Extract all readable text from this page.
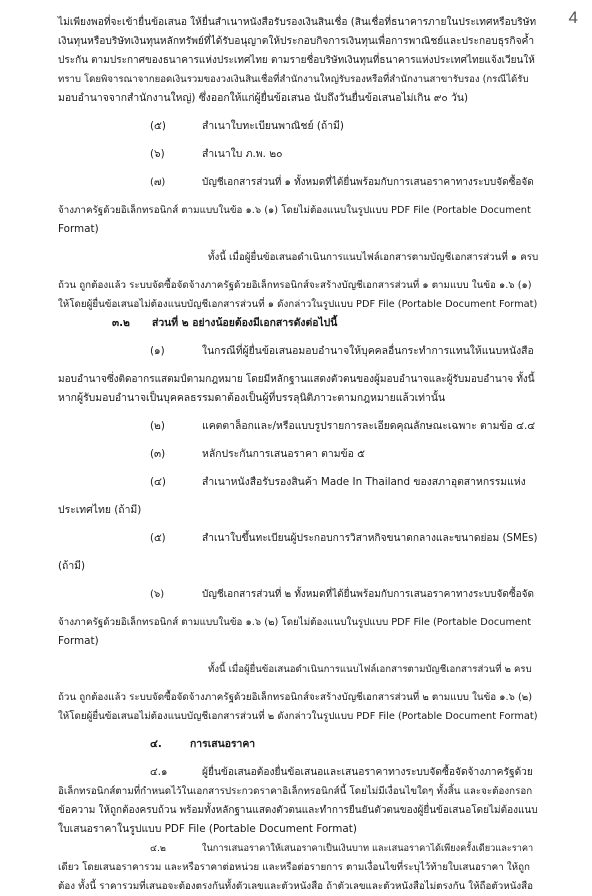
4

ไม่เพียงพอที่จะเข้ายื่นข้อเสนอ ให้ยื่นสำเนาหนังสือรับรองเงินสินเชื่อ (สินเชื่อที่ธนาคารภายในประเทศหรือบริษัท

เงินทุนหรือบริษัทเงินทุนหลักทรัพย์ที่ได้รับอนุญาตให้ประกอบกิจการเงินทุนเพื่อการพาณิชย์และประกอบธุรกิจค้ำ

ประกัน ตามประกาศของธนาคารแห่งประเทศไทย ตามรายชื่อบริษัทเงินทุนที่ธนาคารแห่งประเทศไทยแจ้งเวียนให้

ทราบ โดยพิจารณาจากยอดเงินรวมของวงเงินสินเชื่อที่สำนักงานใหญ่รับรองหรือที่สำนักงานสาขารับรอง (กรณีได้รับ

มอบอำนาจจากสำนักงานใหญ่) ซึ่งออกให้แก่ผู้ยื่นข้อเสนอ นับถึงวันยื่นข้อเสนอไม่เกิน ๙๐ วัน)

(๕)	สำเนาใบทะเบียนพาณิชย์ (ถ้ามี)

(๖)	สำเนาใบ ภ.พ. ๒๐

(๗)	บัญชีเอกสารส่วนที่ ๑ ทั้งหมดที่ได้ยื่นพร้อมกับการเสนอราคาทางระบบจัดซื้อจัด

จ้างภาครัฐด้วยอิเล็กทรอนิกส์ ตามแบบในข้อ ๑.๖ (๑) โดยไม่ต้องแนบในรูปแบบ PDF File (Portable Document

Format)

ทั้งนี้ เมื่อผู้ยื่นข้อเสนอดำเนินการแนบไฟล์เอกสารตามบัญชีเอกสารส่วนที่ ๑ ครบ

ถ้วน ถูกต้องแล้ว ระบบจัดซื้อจัดจ้างภาครัฐด้วยอิเล็กทรอนิกส์จะสร้างบัญชีเอกสารส่วนที่ ๑ ตามแบบ ในข้อ ๑.๖ (๑)

ให้โดยผู้ยื่นข้อเสนอไม่ต้องแนบบัญชีเอกสารส่วนที่ ๑ ดังกล่าวในรูปแบบ PDF File (Portable Document Format)

๓.๒ ส่วนที่ ๒ อย่างน้อยต้องมีเอกสารดังต่อไปนี้

(๑)	ในกรณีที่ผู้ยื่นข้อเสนอมอบอำนาจให้บุคคลอื่นกระทำการแทนให้แนบหนังสือ

มอบอำนาจซึ่งติดอากรแสตมป์ตามกฎหมาย โดยมีหลักฐานแสดงตัวตนของผู้มอบอำนาจและผู้รับมอบอำนาจ ทั้งนี้

หากผู้รับมอบอำนาจเป็นบุคคลธรรมดาต้องเป็นผู้ที่บรรลุนิติภาวะตามกฎหมายแล้วเท่านั้น

(๒)	แคตตาล็อกและ/หรือแบบรูปรายการละเอียดคุณลักษณะเฉพาะ ตามข้อ ๔.๔

(๓)	หลักประกันการเสนอราคา ตามข้อ ๕

(๔)	สำเนาหนังสือรับรองสินค้า Made In Thailand ของสภาอุตสาหกรรมแห่ง

ประเทศไทย (ถ้ามี)

(๕)	สำเนาใบขึ้นทะเบียนผู้ประกอบการวิสาหกิจขนาดกลางและขนาดย่อม (SMEs)

(ถ้ามี)

(๖)	บัญชีเอกสารส่วนที่ ๒ ทั้งหมดที่ได้ยื่นพร้อมกับการเสนอราคาทางระบบจัดซื้อจัด

จ้างภาครัฐด้วยอิเล็กทรอนิกส์ ตามแบบในข้อ ๑.๖ (๒) โดยไม่ต้องแนบในรูปแบบ PDF File (Portable Document

Format)

ทั้งนี้ เมื่อผู้ยื่นข้อเสนอดำเนินการแนบไฟล์เอกสารตามบัญชีเอกสารส่วนที่ ๒ ครบ

ถ้วน ถูกต้องแล้ว ระบบจัดซื้อจัดจ้างภาครัฐด้วยอิเล็กทรอนิกส์จะสร้างบัญชีเอกสารส่วนที่ ๒ ตามแบบ ในข้อ ๑.๖ (๒)

ให้โดยผู้ยื่นข้อเสนอไม่ต้องแนบบัญชีเอกสารส่วนที่ ๒ ดังกล่าวในรูปแบบ PDF File (Portable Document Format)

๔.	การเสนอราคา

๔.๑	ผู้ยื่นข้อเสนอต้องยื่นข้อเสนอและเสนอราคาทางระบบจัดซื้อจัดจ้างภาครัฐด้วย

อิเล็กทรอนิกส์ตามที่กำหนดไว้ในเอกสารประกวดราคาอิเล็กทรอนิกส์นี้ โดยไม่มีเงื่อนไขใดๆ ทั้งสิ้น และจะต้องกรอก

ข้อความ ให้ถูกต้องครบถ้วน พร้อมทั้งหลักฐานแสดงตัวตนและทำการยืนยันตัวตนของผู้ยื่นข้อเสนอโดยไม่ต้องแนบ

ใบเสนอราคาในรูปแบบ PDF File (Portable Document Format)

๔.๒	ในการเสนอราคาให้เสนอราคาเป็นเงินบาท และเสนอราคาได้เพียงครั้งเดียวและราคา

เดียว โดยเสนอราคารวม และหรือราคาต่อหน่วย และหรือต่อรายการ ตามเงื่อนไขที่ระบุไว้ท้ายใบเสนอราคา ให้ถูก

ต้อง ทั้งนี้ ราคารวมที่เสนอจะต้องตรงกันทั้งตัวเลขและตัวหนังสือ ถ้าตัวเลขและตัวหนังสือไม่ตรงกัน ให้ถือตัวหนังสือ
